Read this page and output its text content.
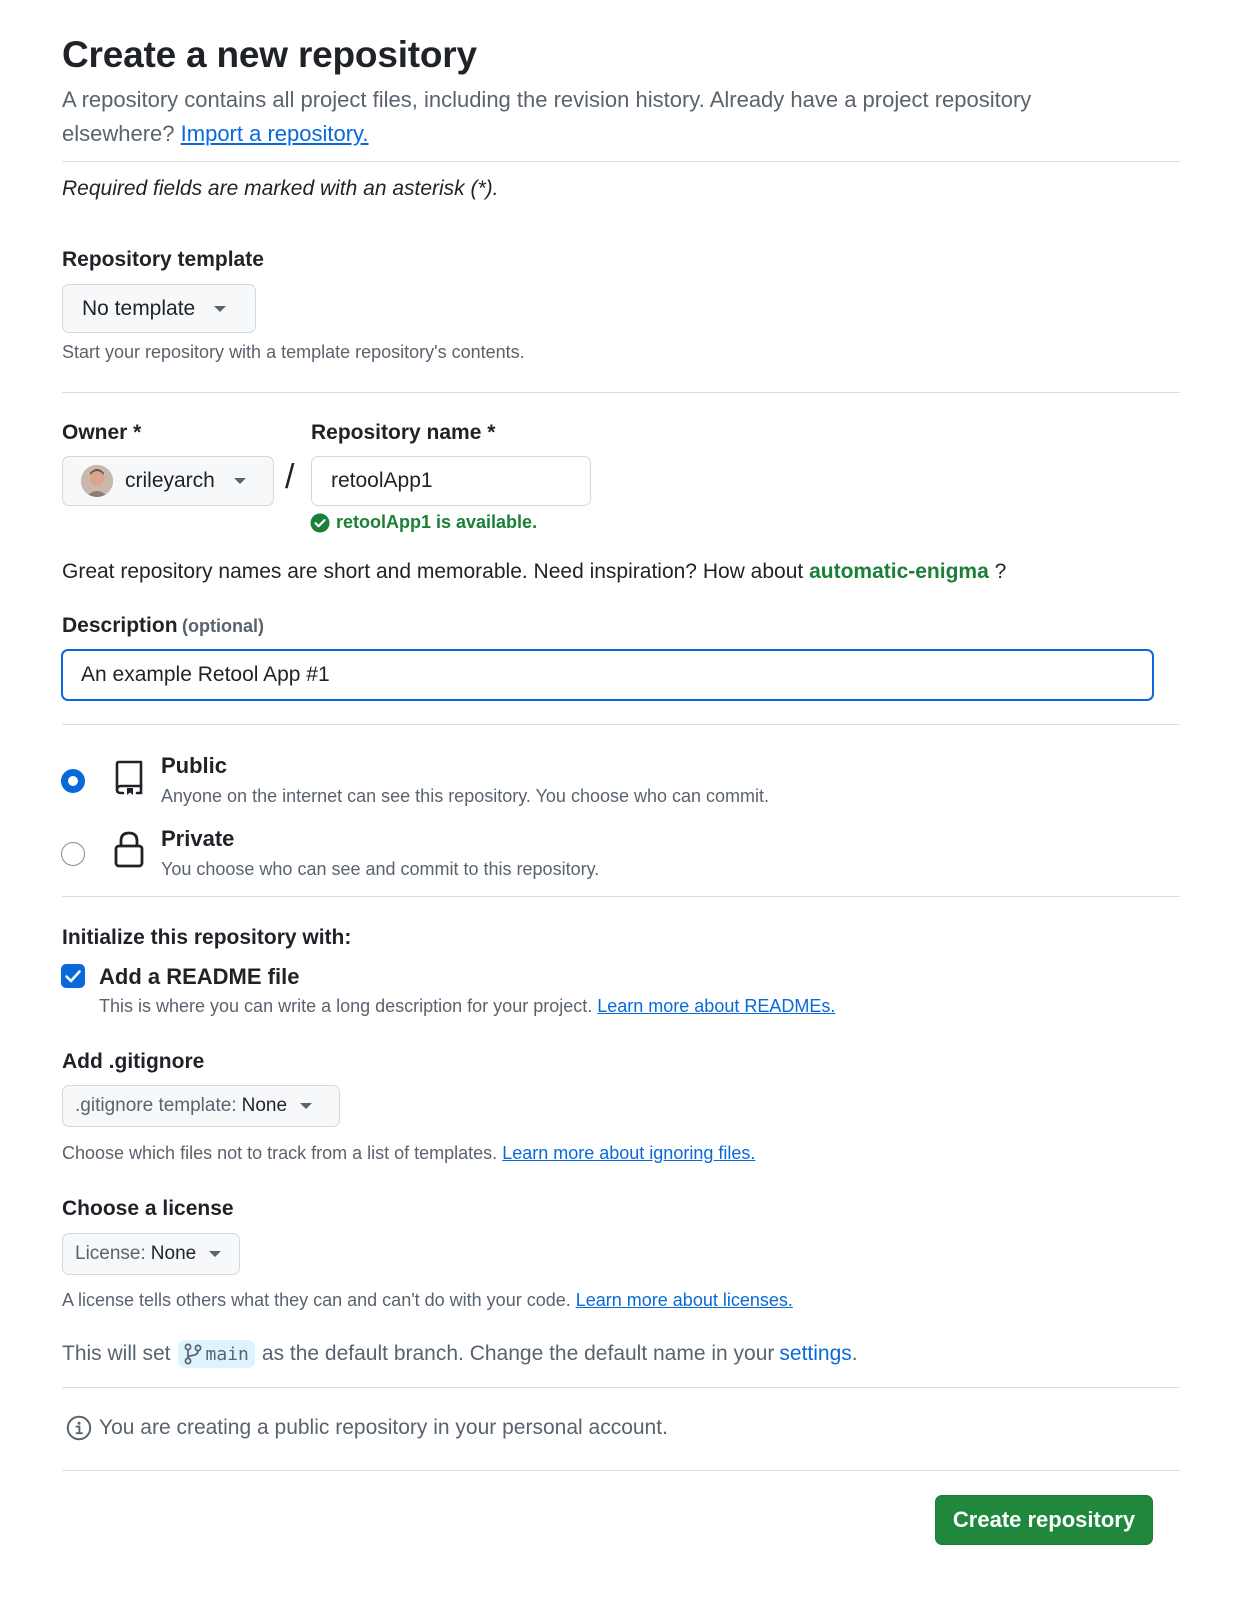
Create a new repository
A repository contains all project files, including the revision history. Already have a project repository elsewhere? Import a repository.
Required fields are marked with an asterisk (*).
Repository template
No template
Start your repository with a template repository's contents.
Owner *	Repository name *
crileyarch /	retoolApp1
retoolApp1 is available.
Great repository names are short and memorable. Need inspiration? How about automatic-enigma ?
Description (optional)
An example Retool App #1
Public
Anyone on the internet can see this repository. You choose who can commit.
Private
You choose who can see and commit to this repository.
Initialize this repository with:
Add a README file
This is where you can write a long description for your project. Learn more about READMEs.
Add .gitignore
.gitignore template: None
Choose which files not to track from a list of templates. Learn more about ignoring files.
Choose a license
License: None
A license tells others what they can and can't do with your code. Learn more about licenses.
This will set main as the default branch. Change the default name in your settings.
You are creating a public repository in your personal account.
Create repository
